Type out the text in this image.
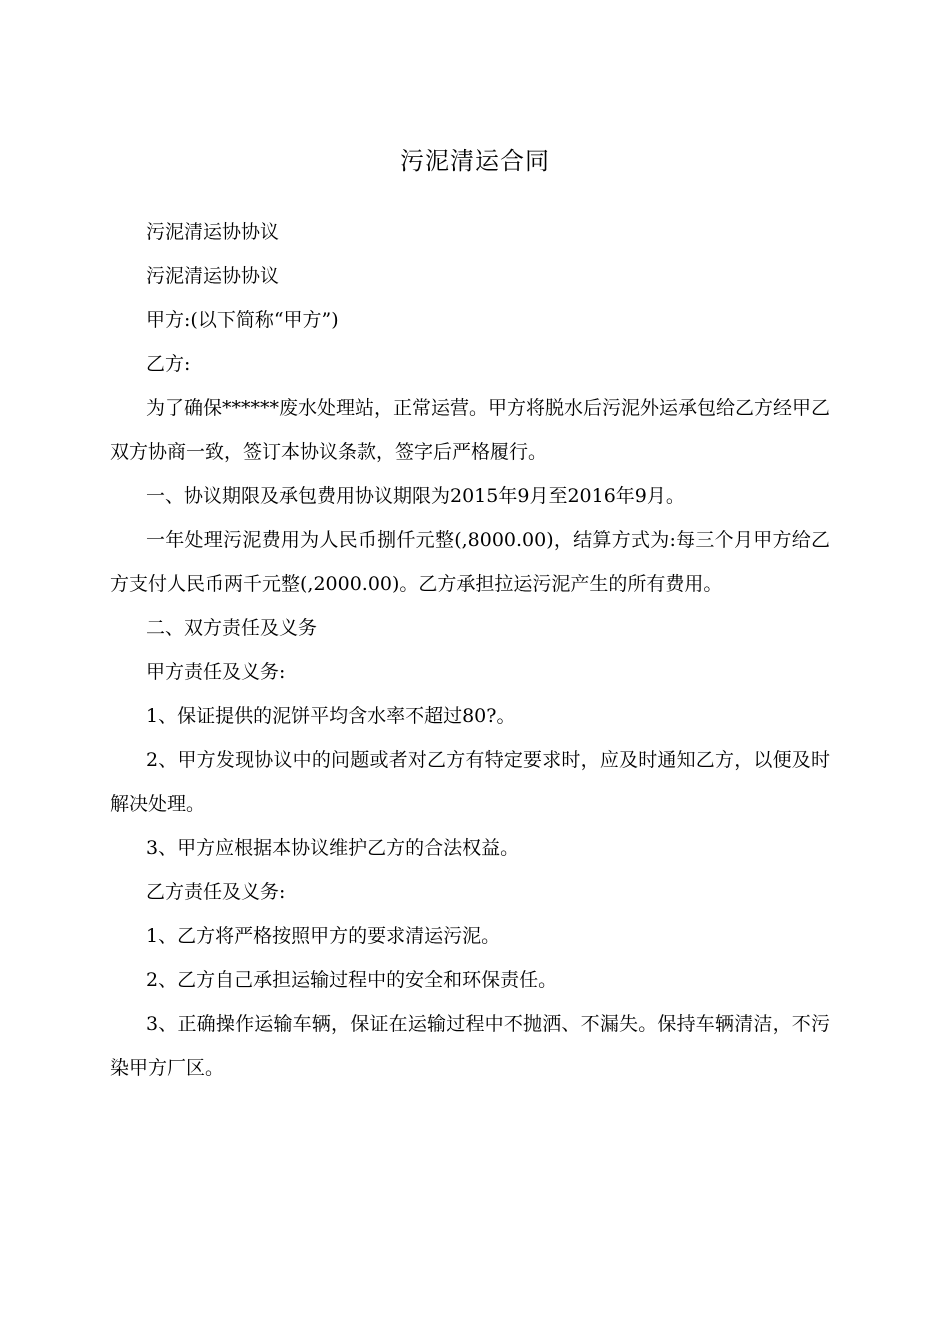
污泥清运合同

污泥清运协协议

污泥清运协协议

甲方:(以下简称“甲方”)

乙方:

为了确保******废水处理站，正常运营。甲方将脱水后污泥外运承包给乙方经甲乙双方协商一致，签订本协议条款，签字后严格履行。

一、协议期限及承包费用协议期限为2015年9月至2016年9月。

一年处理污泥费用为人民币捌仟元整(,8000.00)，结算方式为:每三个月甲方给乙方支付人民币两千元整(,2000.00)。乙方承担拉运污泥产生的所有费用。

二、双方责任及义务

甲方责任及义务:

1、保证提供的泥饼平均含水率不超过80?。

2、甲方发现协议中的问题或者对乙方有特定要求时，应及时通知乙方，以便及时解决处理。

3、甲方应根据本协议维护乙方的合法权益。

乙方责任及义务:

1、乙方将严格按照甲方的要求清运污泥。

2、乙方自己承担运输过程中的安全和环保责任。

3、正确操作运输车辆，保证在运输过程中不抛洒、不漏失。保持车辆清洁，不污染甲方厂区。
